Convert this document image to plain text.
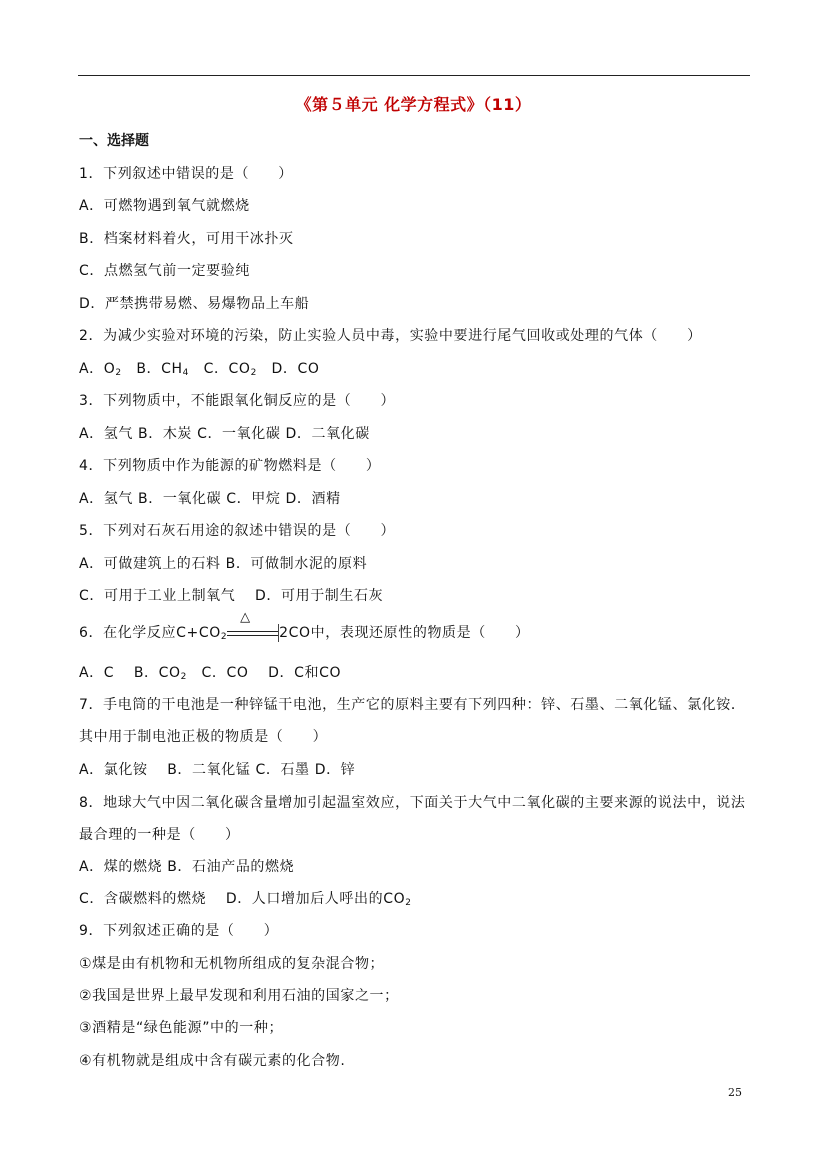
《第５单元 化学方程式》（11）
一、选择题
1．下列叙述中错误的是（　　）
A．可燃物遇到氧气就燃烧
B．档案材料着火，可用干冰扑灭
C．点燃氢气前一定要验纯
D．严禁携带易燃、易爆物品上车船
2．为减少实验对环境的污染，防止实验人员中毒，实验中要进行尾气回收或处理的气体（　　）
A．$O_2$　B．$CH_4$　C．$CO_2$　D．CO
3．下列物质中，不能跟氧化铜反应的是（　　）
A．氢气 B．木炭 C．一氧化碳 D．二氧化碳
4．下列物质中作为能源的矿物燃料是（　　）
A．氢气 B．一氧化碳 C．甲烷 D．酒精
5．下列对石灰石用途的叙述中错误的是（　　）
A．可做建筑上的石料 B．可做制水泥的原料
C．可用于工业上制氧气　 D．可用于制生石灰
6．在化学反应$C+CO_2$
△
2CO中，表现还原性的物质是（　　）
A．C　 B．$CO_2$　C．CO　 D．C和CO
7．手电筒的干电池是一种锌锰干电池，生产它的原料主要有下列四种：锌、石墨、二氧化锰、氯化铵．
其中用于制电池正极的物质是（　　）
A．氯化铵　 B．二氧化锰 C．石墨 D．锌
8．地球大气中因二氧化碳含量增加引起温室效应，下面关于大气中二氧化碳的主要来源的说法中，说法
最合理的一种是（　　）
A．煤的燃烧 B．石油产品的燃烧
C．含碳燃料的燃烧　 D．人口增加后人呼出的$CO_2$
9．下列叙述正确的是（　　）
①煤是由有机物和无机物所组成的复杂混合物；
②我国是世界上最早发现和利用石油的国家之一；
③酒精是“绿色能源”中的一种；
④有机物就是组成中含有碳元素的化合物.
25
